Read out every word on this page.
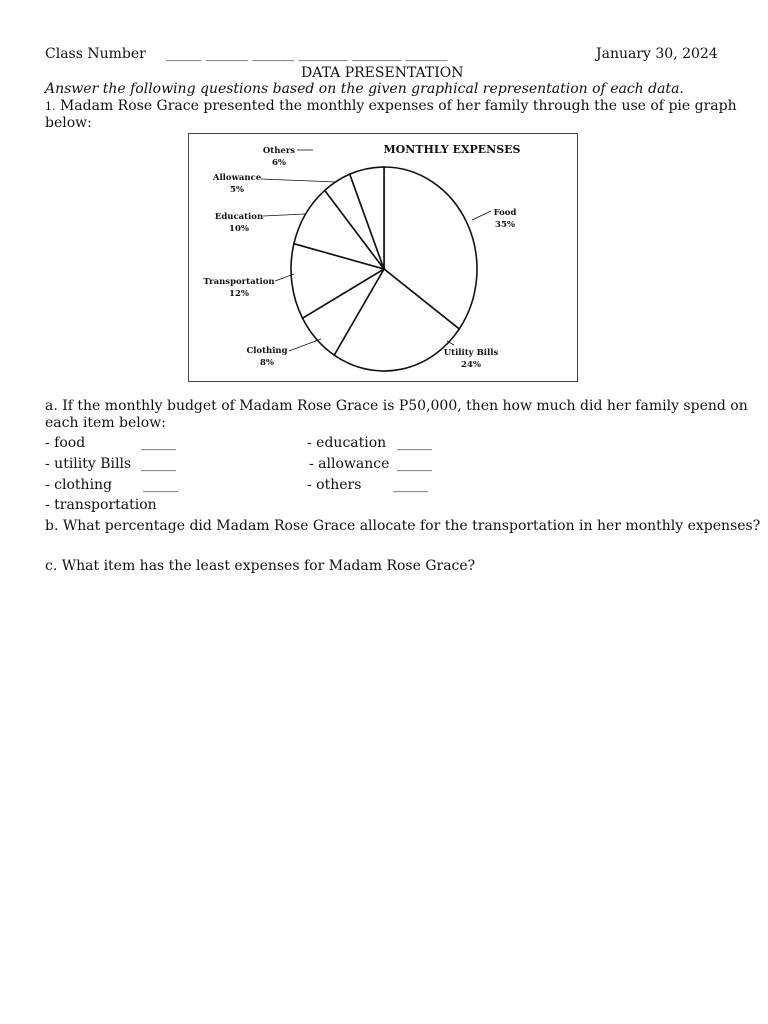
Class Number _____ ______ ______ _______ _______ ______	January 30, 2024
DATA PRESENTATION
Answer the following questions based on the given graphical representation of each data.
1. Madam Rose Grace presented the monthly expenses of her family through the use of pie graph
below:
MONTHLY EXPENSES
Food
35%
Utility Bills
24%
Clothing
8%
Transportation
12%
Education
10%
Allowance
5%
Others
6%
a. If the monthly budget of Madam Rose Grace is P50,000, then how much did her family spend on
each item below:
- food	_____
- utility Bills _____
- clothing _____
- transportation
- education _____
- allowance _____
- others _____
b. What percentage did Madam Rose Grace allocate for the transportation in her monthly expenses?
c. What item has the least expenses for Madam Rose Grace?
